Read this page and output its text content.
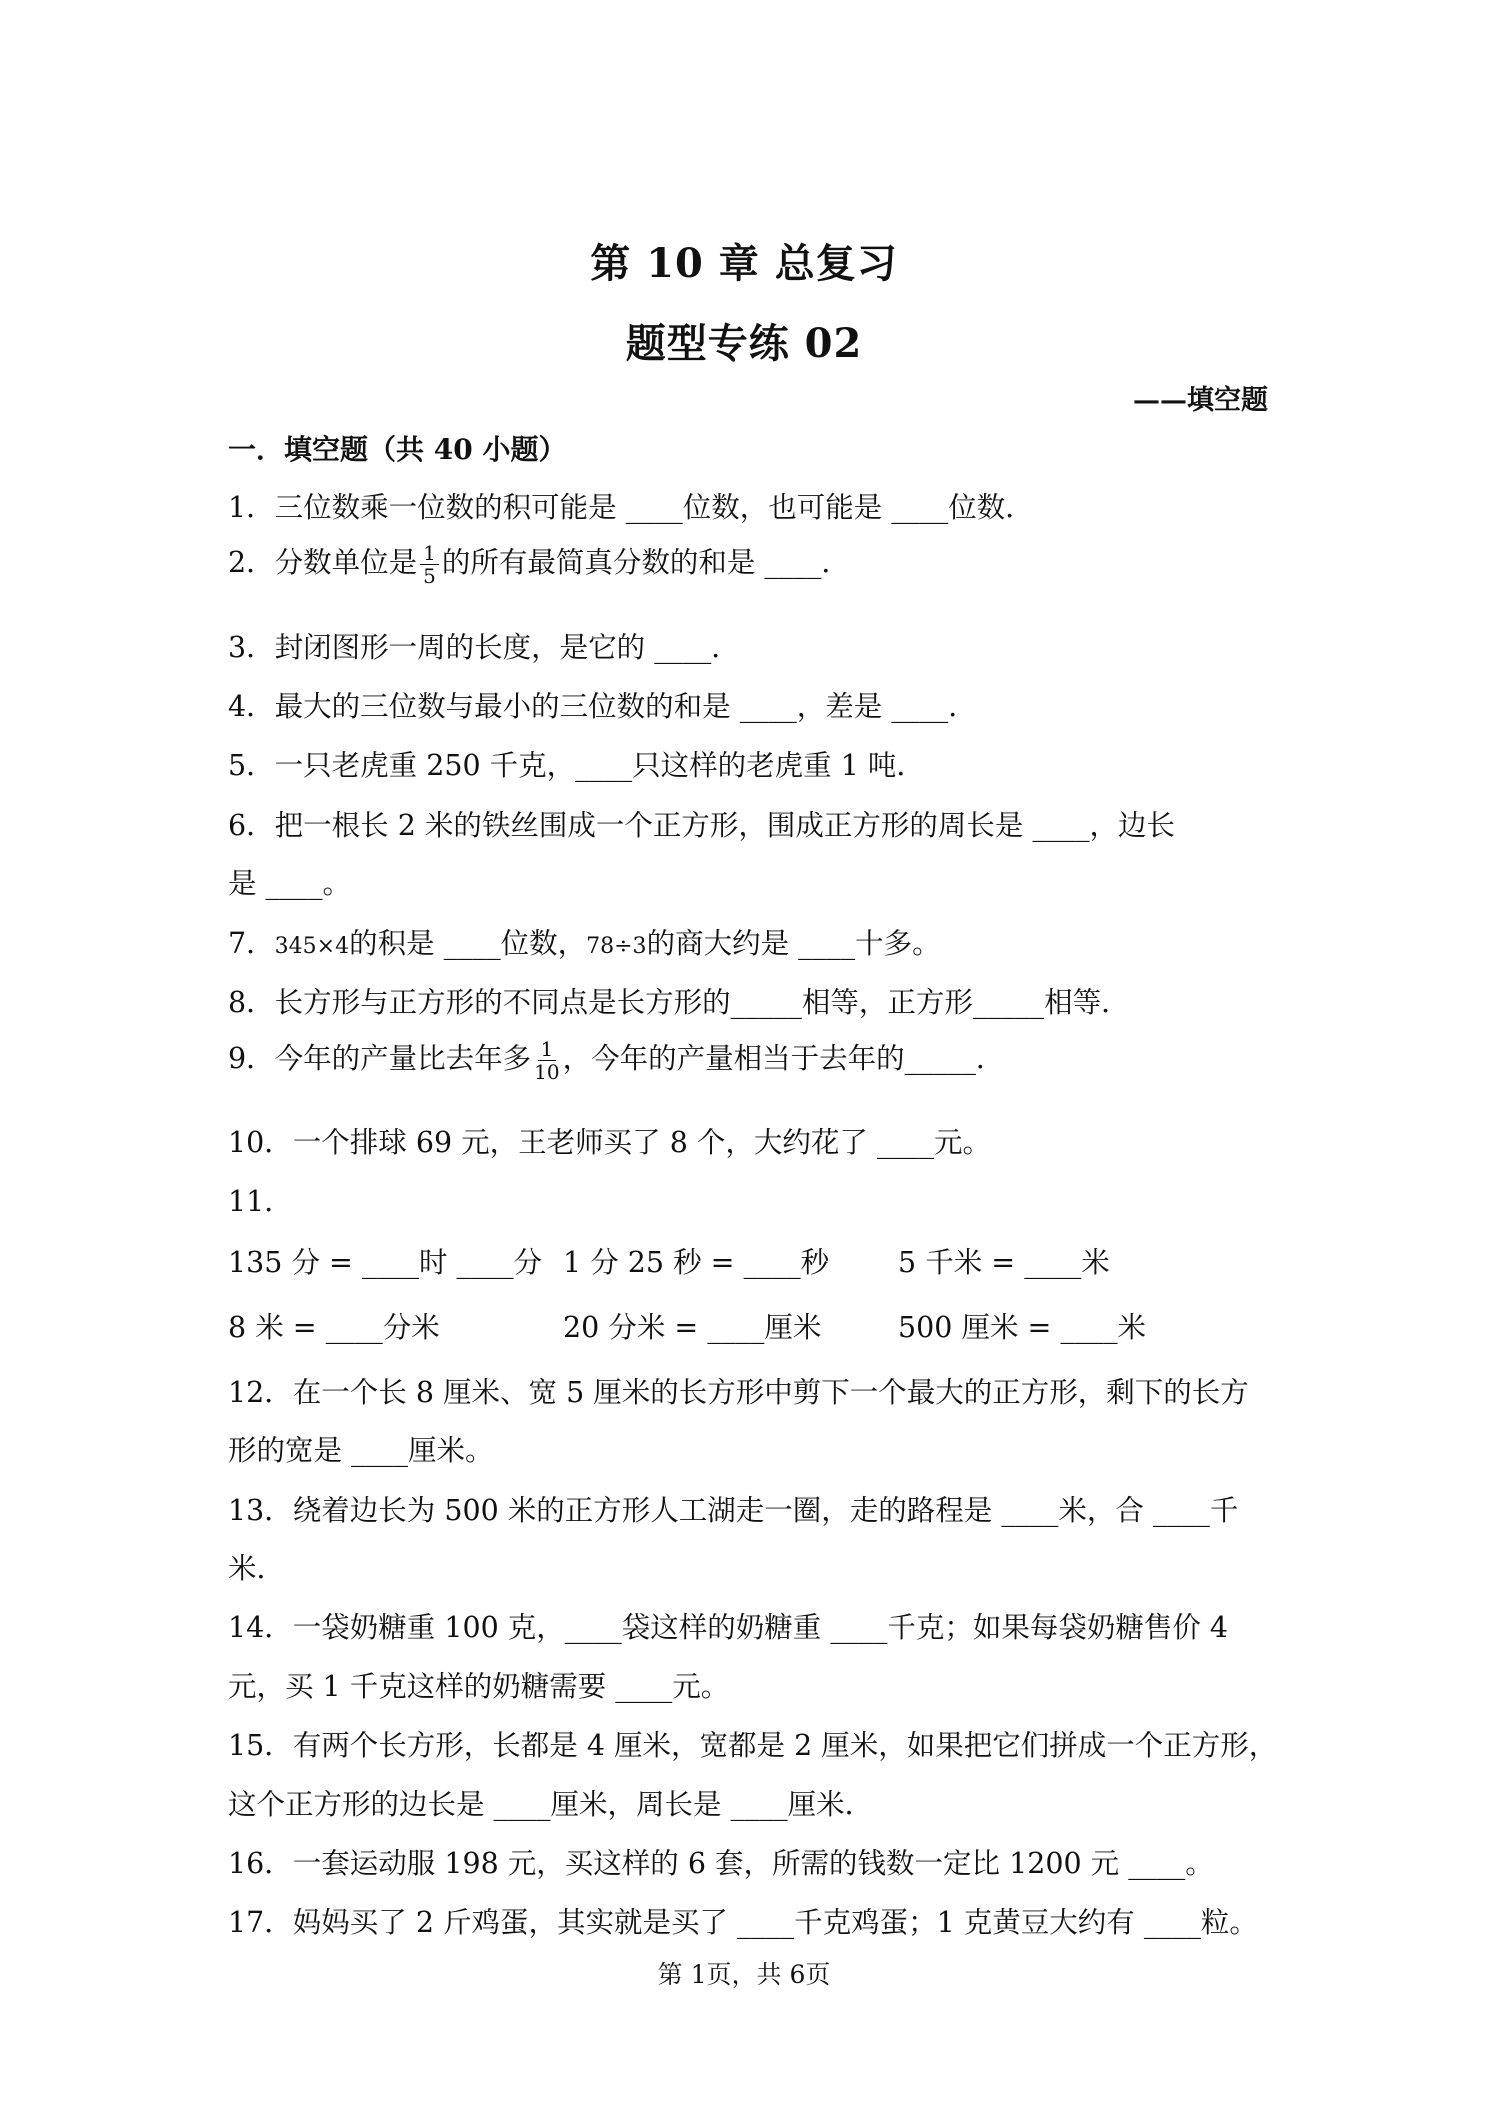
第 10 章 总复习
题型专练 02
——填空题
一．填空题（共 40 小题）
1．三位数乘一位数的积可能是 ____位数，也可能是 ____位数．
2．分数单位是 $\frac{1}{5}$ 的所有最简真分数的和是 ____．
3．封闭图形一周的长度，是它的 ____．
4．最大的三位数与最小的三位数的和是 ____，差是 ____．
5．一只老虎重 250 千克，____只这样的老虎重 1 吨．
6．把一根长 2 米的铁丝围成一个正方形，围成正方形的周长是 ____，边长
是 ____。
7．345×4的积是 ____位数，78÷3的商大约是 ____十多。
8．长方形与正方形的不同点是长方形的_____相等，正方形_____相等．
9．今年的产量比去年多 $\frac{1}{10}$ ，今年的产量相当于去年的_____．
10．一个排球 69 元，王老师买了 8 个，大约花了 ____元。
11．
135 分 = ____时 ____分 1 分 25 秒 = ____秒 5 千米 = ____米
8 米 = ____分米	20 分米 = ____厘米	500 厘米 = ____米
12．在一个长 8 厘米、宽 5 厘米的长方形中剪下一个最大的正方形，剩下的长方
形的宽是 ____厘米。
13．绕着边长为 500 米的正方形人工湖走一圈，走的路程是 ____米，合 ____千
米．
14．一袋奶糖重 100 克，____袋这样的奶糖重 ____千克；如果每袋奶糖售价 4
元，买 1 千克这样的奶糖需要 ____元。
15．有两个长方形，长都是 4 厘米，宽都是 2 厘米，如果把它们拼成一个正方形，
这个正方形的边长是 ____厘米，周长是 ____厘米．
16．一套运动服 198 元，买这样的 6 套，所需的钱数一定比 1200 元 ____。
17．妈妈买了 2 斤鸡蛋，其实就是买了 ____千克鸡蛋；1 克黄豆大约有 ____粒。
第 1页，共 6页
